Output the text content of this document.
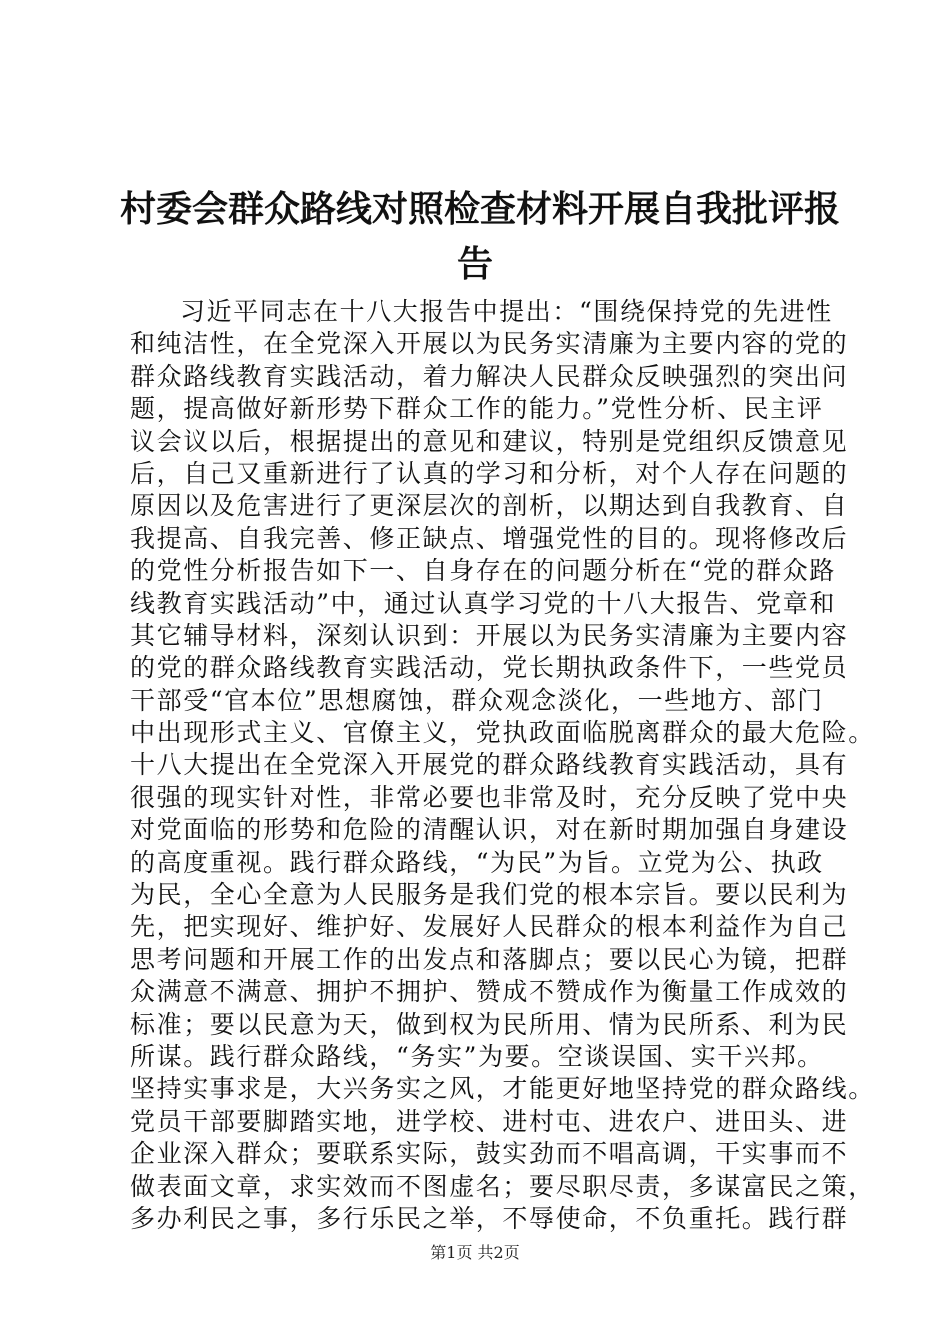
村委会群众路线对照检查材料开展自我批评报
告
习近平同志在十八大报告中提出：“围绕保持党的先进性
和纯洁性，在全党深入开展以为民务实清廉为主要内容的党的
群众路线教育实践活动，着力解决人民群众反映强烈的突出问
题，提高做好新形势下群众工作的能力。”党性分析、民主评
议会议以后，根据提出的意见和建议，特别是党组织反馈意见
后，自己又重新进行了认真的学习和分析，对个人存在问题的
原因以及危害进行了更深层次的剖析，以期达到自我教育、自
我提高、自我完善、修正缺点、增强党性的目的。现将修改后
的党性分析报告如下一、自身存在的问题分析在“党的群众路
线教育实践活动”中，通过认真学习党的十八大报告、党章和
其它辅导材料，深刻认识到：开展以为民务实清廉为主要内容
的党的群众路线教育实践活动，党长期执政条件下，一些党员
干部受“官本位”思想腐蚀，群众观念淡化，一些地方、部门
中出现形式主义、官僚主义，党执政面临脱离群众的最大危险。
十八大提出在全党深入开展党的群众路线教育实践活动，具有
很强的现实针对性，非常必要也非常及时，充分反映了党中央
对党面临的形势和危险的清醒认识，对在新时期加强自身建设
的高度重视。践行群众路线，“为民”为旨。立党为公、执政
为民，全心全意为人民服务是我们党的根本宗旨。要以民利为
先，把实现好、维护好、发展好人民群众的根本利益作为自己
思考问题和开展工作的出发点和落脚点；要以民心为镜，把群
众满意不满意、拥护不拥护、赞成不赞成作为衡量工作成效的
标准；要以民意为天，做到权为民所用、情为民所系、利为民
所谋。践行群众路线，“务实”为要。空谈误国、实干兴邦。
坚持实事求是，大兴务实之风，才能更好地坚持党的群众路线。
党员干部要脚踏实地，进学校、进村屯、进农户、进田头、进
企业深入群众；要联系实际，鼓实劲而不唱高调，干实事而不
做表面文章，求实效而不图虚名；要尽职尽责，多谋富民之策，
多办利民之事，多行乐民之举，不辱使命，不负重托。践行群
第1页 共2页
